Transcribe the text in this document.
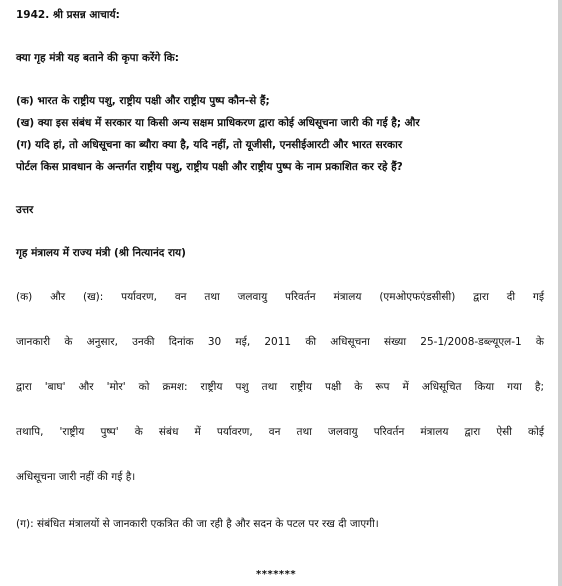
1942. श्री प्रसन्न आचार्य:
क्या गृह मंत्री यह बताने की कृपा करेंगे कि:
(क) भारत के राष्ट्रीय पशु, राष्ट्रीय पक्षी और राष्ट्रीय पुष्प कौन-से हैं;
(ख) क्या इस संबंध में सरकार या किसी अन्य सक्षम प्राधिकरण द्वारा कोई अधिसूचना जारी की गई है; और
(ग) यदि हां, तो अधिसूचना का ब्यौरा क्या है, यदि नहीं, तो यूजीसी, एनसीईआरटी और भारत सरकार
पोर्टल किस प्रावधान के अन्तर्गत राष्ट्रीय पशु, राष्ट्रीय पक्षी और राष्ट्रीय पुष्प के नाम प्रकाशित कर रहे हैं?
उत्तर
गृह मंत्रालय में राज्य मंत्री (श्री नित्यानंद राय)
(क) और (ख): पर्यावरण, वन तथा जलवायु परिवर्तन मंत्रालय (एमओएफएंडसीसी) द्वारा दी गई
जानकारी के अनुसार, उनकी दिनांक 30 मई, 2011 की अधिसूचना संख्या 25-1/2008-डब्ल्यूएल-1 के
द्वारा 'बाघ' और 'मोर' को क्रमश: राष्ट्रीय पशु तथा राष्ट्रीय पक्षी के रूप में अधिसूचित किया गया है;
तथापि, 'राष्ट्रीय पुष्प' के संबंध में पर्यावरण, वन तथा जलवायु परिवर्तन मंत्रालय द्वारा ऐसी कोई
अधिसूचना जारी नहीं की गई है।
(ग): संबंधित मंत्रालयों से जानकारी एकत्रित की जा रही है और सदन के पटल पर रख दी जाएगी।
*******
